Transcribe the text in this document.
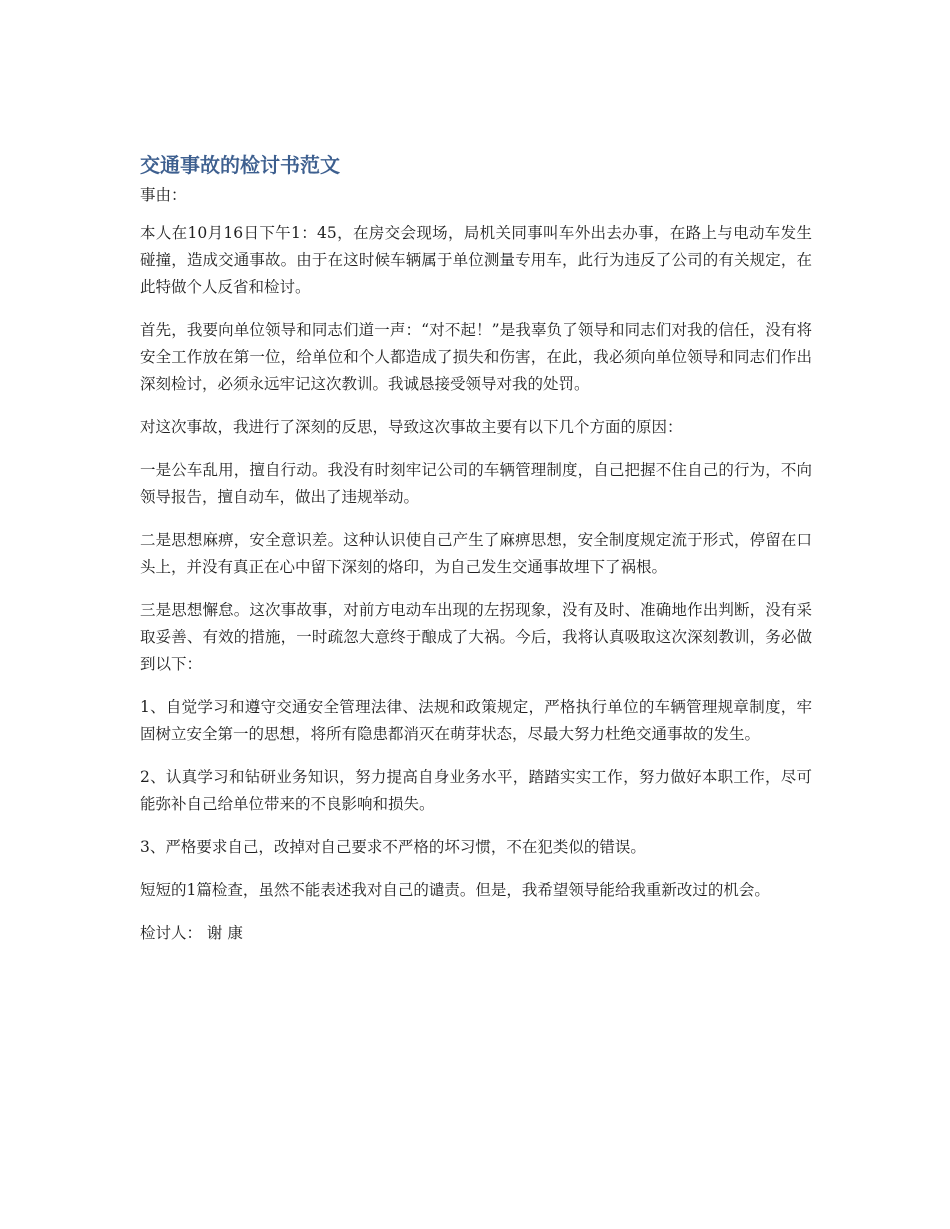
交通事故的检讨书范文

事由：

本人在10月16日下午1：45，在房交会现场，局机关同事叫车外出去办事，在路上与电动车发生碰撞，造成交通事故。由于在这时候车辆属于单位测量专用车，此行为违反了公司的有关规定，在此特做个人反省和检讨。

首先，我要向单位领导和同志们道一声：“对不起！”是我辜负了领导和同志们对我的信任，没有将安全工作放在第一位，给单位和个人都造成了损失和伤害，在此，我必须向单位领导和同志们作出深刻检讨，必须永远牢记这次教训。我诚恳接受领导对我的处罚。

对这次事故，我进行了深刻的反思，导致这次事故主要有以下几个方面的原因：

一是公车乱用，擅自行动。我没有时刻牢记公司的车辆管理制度，自己把握不住自己的行为，不向领导报告，擅自动车，做出了违规举动。

二是思想麻痹，安全意识差。这种认识使自己产生了麻痹思想，安全制度规定流于形式，停留在口头上，并没有真正在心中留下深刻的烙印，为自己发生交通事故埋下了祸根。

三是思想懈怠。这次事故事，对前方电动车出现的左拐现象，没有及时、准确地作出判断，没有采取妥善、有效的措施，一时疏忽大意终于酿成了大祸。今后，我将认真吸取这次深刻教训，务必做到以下：

1、自觉学习和遵守交通安全管理法律、法规和政策规定，严格执行单位的车辆管理规章制度，牢固树立安全第一的思想，将所有隐患都消灭在萌芽状态，尽最大努力杜绝交通事故的发生。

2、认真学习和钻研业务知识，努力提高自身业务水平，踏踏实实工作，努力做好本职工作，尽可能弥补自己给单位带来的不良影响和损失。

3、严格要求自己，改掉对自己要求不严格的坏习惯，不在犯类似的错误。

短短的1篇检查，虽然不能表述我对自己的谴责。但是，我希望领导能给我重新改过的机会。

检讨人： 谢 康
